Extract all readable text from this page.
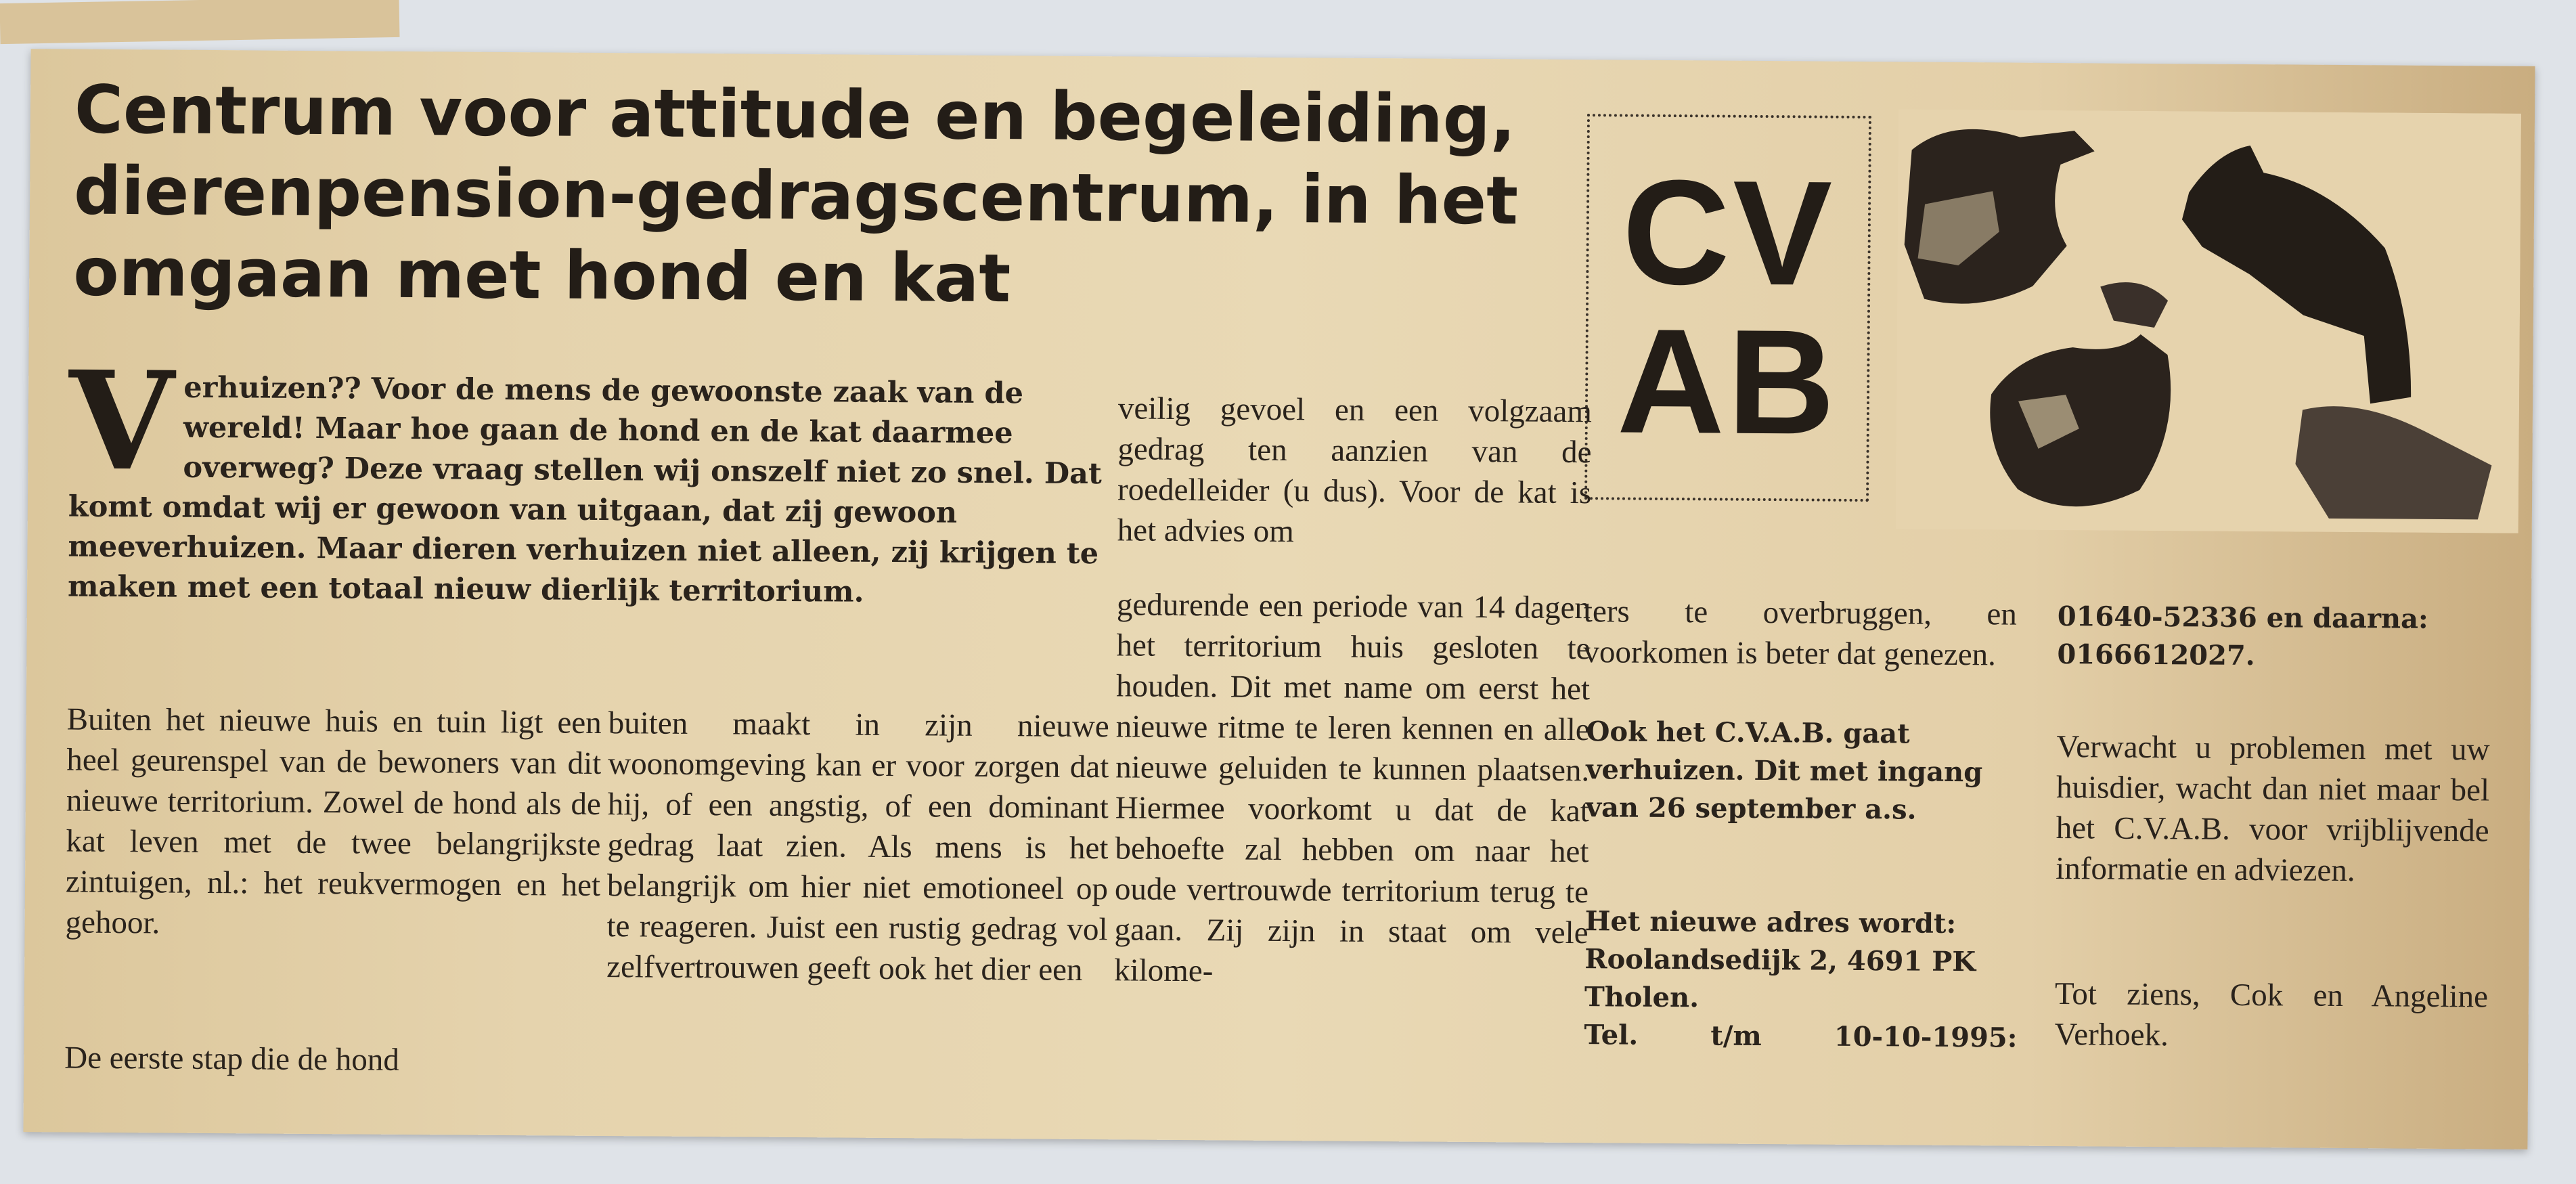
Centrum voor attitude en begeleiding, dierenpension-gedragscentrum, in het omgaan met hond en kat	CV
AB
V erhuizen?? Voor de mens de gewoonste zaak van de wereld! Maar hoe gaan de hond en de kat daarmee overweg? Deze vraag stellen wij onszelf niet zo snel. Dat komt omdat wij er gewoon van uitgaan, dat zij gewoon meeverhuizen. Maar dieren verhuizen niet alleen, zij krijgen te maken met een totaal nieuw dierlijk territorium.
Buiten het nieuwe huis en tuin ligt een heel geurenspel van de bewoners van dit nieuwe territorium. Zowel de hond als de kat leven met de twee belangrijkste zintuigen, nl.: het reukvermogen en het gehoor.
De eerste stap die de hond
buiten maakt in zijn nieuwe woonomgeving kan er voor zorgen dat hij, of een angstig, of een dominant gedrag laat zien. Als mens is het belangrijk om hier niet emotioneel op te reageren. Juist een rustig gedrag vol zelfvertrouwen geeft ook het dier een
veilig gevoel en een volgzaam gedrag ten aanzien van de roedelleider (u dus). Voor de kat is het advies om
gedurende een periode van 14 dagen het territorium huis gesloten te houden. Dit met name om eerst het nieuwe ritme te leren kennen en alle nieuwe geluiden te kunnen plaatsen. Hiermee voorkomt u dat de kat behoefte zal hebben om naar het oude vertrouwde territorium terug te gaan. Zij zijn in staat om vele kilome-
ters te overbruggen, en voorkomen is beter dat genezen.
Ook het C.V.A.B. gaat verhuizen. Dit met ingang van 26 september a.s.
Het nieuwe adres wordt:
Roolandsedijk 2, 4691 PK
Tholen.
Tel.	t/m	10-10-1995:
01640-52336 en daarna: 0166612027.
Verwacht u problemen met uw huisdier, wacht dan niet maar bel het C.V.A.B. voor vrijblijvende informatie en adviezen.
Tot ziens, Cok en Angeline Verhoek.
